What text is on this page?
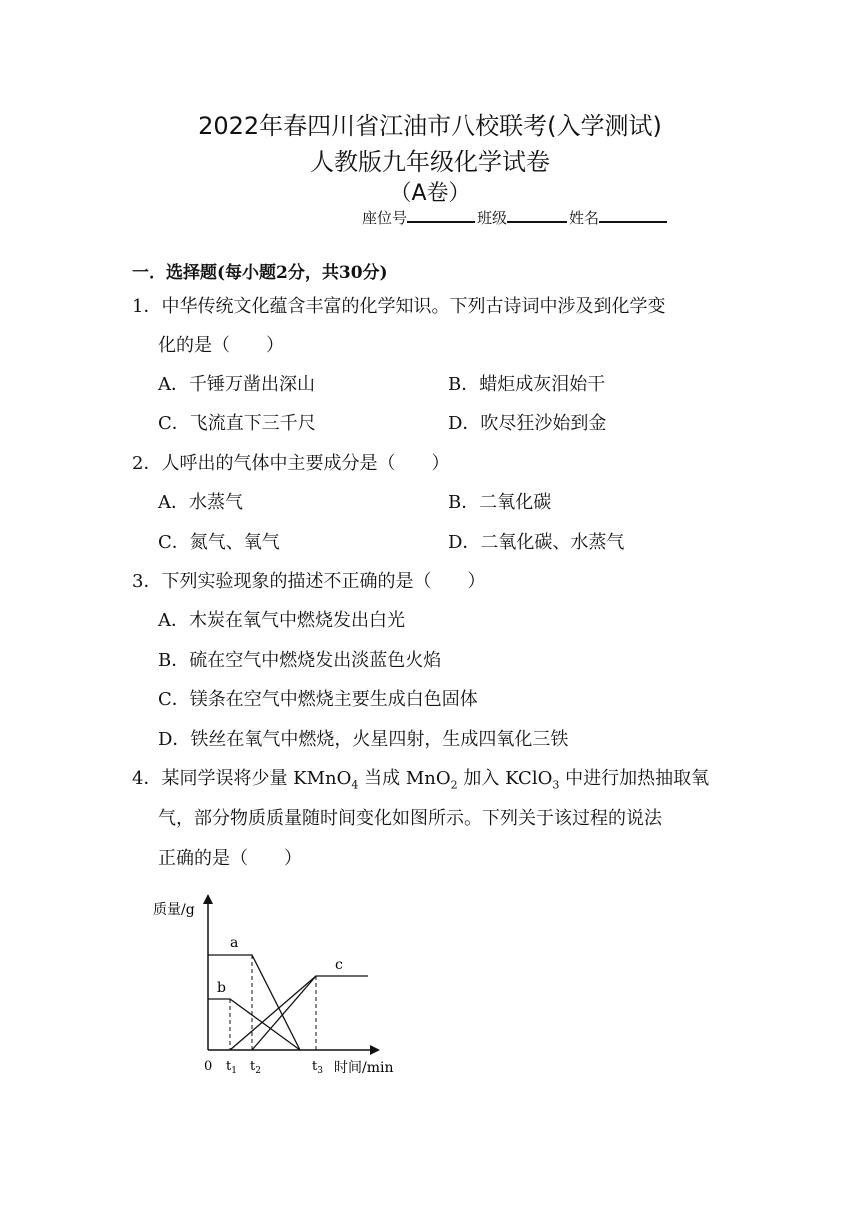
2022年春四川省江油市八校联考(入学测试)
人教版九年级化学试卷
（A卷）
座位号	班级	姓名
一．选择题(每小题2分，共30分)
1．中华传统文化蕴含丰富的化学知识。下列古诗词中涉及到化学变
化的是（　　）
A．千锤万凿出深山	B．蜡炬成灰泪始干
C．飞流直下三千尺	D．吹尽狂沙始到金
2．人呼出的气体中主要成分是（　　）
A．水蒸气	B．二氧化碳
C．氮气、氧气	D．二氧化碳、水蒸气
3．下列实验现象的描述不正确的是（　　）
A．木炭在氧气中燃烧发出白光
B．硫在空气中燃烧发出淡蓝色火焰
C．镁条在空气中燃烧主要生成白色固体
D．铁丝在氧气中燃烧，火星四射，生成四氧化三铁
4．某同学误将少量 KMnO$_4$ 当成 MnO$_2$ 加入 KClO$_3$ 中进行加热抽取氧
气，部分物质质量随时间变化如图所示。下列关于该过程的说法
正确的是（　　）
质量/g
时间/min
0 $t_1$ $t_2$	$t_3$
a
b
c
